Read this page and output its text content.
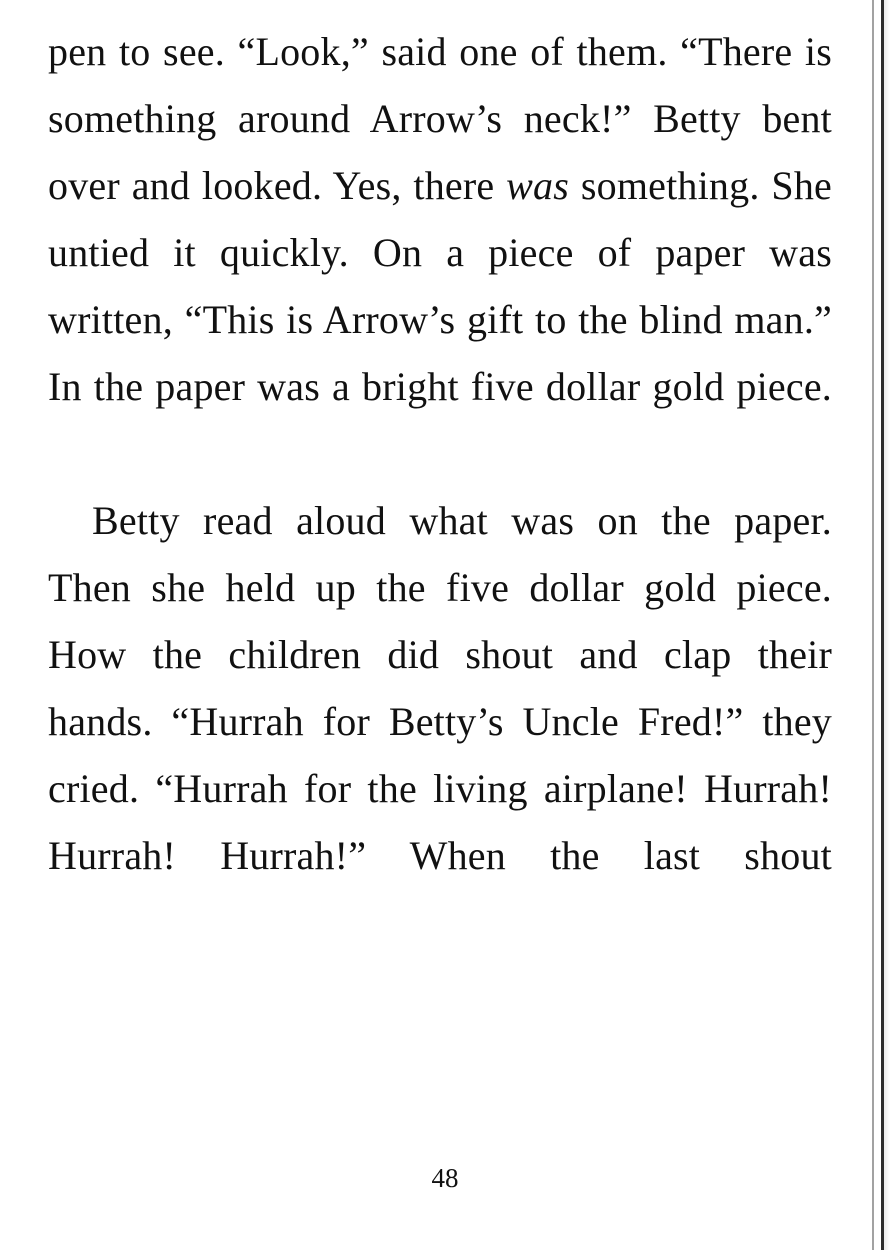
pen to see. “Look,” said one of them. “There is something around Arrow’s neck!” Betty bent over and looked. Yes, there was something. She untied it quickly. On a piece of paper was written, “This is Arrow’s gift to the blind man.” In the paper was a bright five dollar gold piece.

Betty read aloud what was on the paper. Then she held up the five dollar gold piece. How the children did shout and clap their hands. “Hurrah for Betty’s Uncle Fred!” they cried. “Hurrah for the living airplane! Hurrah! Hurrah! Hurrah!” When the last shout

48
